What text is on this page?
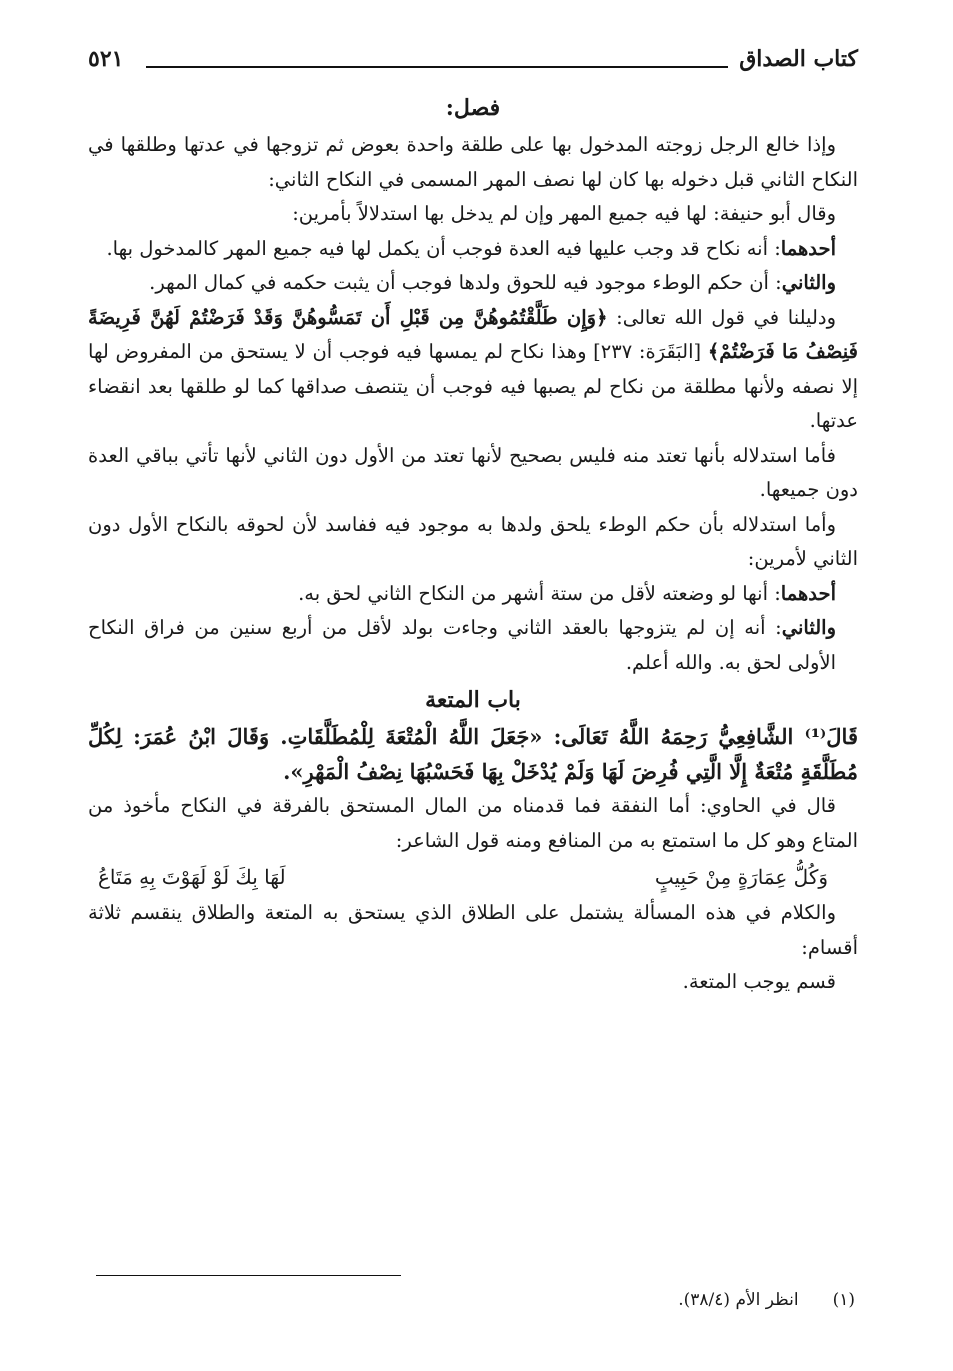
كتاب الصداق
٥٢١

فصل:

وإذا خالع الرجل زوجته المدخول بها على طلقة واحدة بعوض ثم تزوجها في عدتها وطلقها في النكاح الثاني قبل دخوله بها كان لها نصف المهر المسمى في النكاح الثاني:

وقال أبو حنيفة: لها فيه جميع المهر وإن لم يدخل بها استدلالاً بأمرين:

أحدهما: أنه نكاح قد وجب عليها فيه العدة فوجب أن يكمل لها فيه جميع المهر كالمدخول بها.

والثاني: أن حكم الوطء موجود فيه للحوق ولدها فوجب أن يثبت حكمه في كمال المهر.

ودليلنا في قول الله تعالى: ﴿وَإِن طَلَّقْتُمُوهُنَّ مِن قَبْلِ أَن تَمَسُّوهُنَّ وَقَدْ فَرَضْتُمْ لَهُنَّ فَرِيضَةً فَنِصْفُ مَا فَرَضْتُمْ﴾ [البَقَرَة: ٢٣٧] وهذا نكاح لم يمسها فيه فوجب أن لا يستحق من المفروض لها إلا نصفه ولأنها مطلقة من نكاح لم يصبها فيه فوجب أن يتنصف صداقها كما لو طلقها بعد انقضاء عدتها.

فأما استدلاله بأنها تعتد منه فليس بصحيح لأنها تعتد من الأول دون الثاني لأنها تأتي بباقي العدة دون جميعها.

وأما استدلاله بأن حكم الوطء يلحق ولدها به موجود فيه ففاسد لأن لحوقه بالنكاح الأول دون الثاني لأمرين:

أحدهما: أنها لو وضعته لأقل من ستة أشهر من النكاح الثاني لحق به.

والثاني: أنه إن لم يتزوجها بالعقد الثاني وجاءت بولد لأقل من أربع سنين من فراق النكاح الأولى لحق به. والله أعلم.

باب المتعة

قَالَ⁽¹⁾ الشَّافِعِيُّ رَحِمَهُ اللَّهُ تَعَالَى: «جَعَلَ اللَّهُ الْمُتْعَةَ لِلْمُطَلَّقَاتِ. وَقَالَ ابْنُ عُمَرَ: لِكُلِّ مُطَلَّقَةٍ مُتْعَةٌ إِلَّا الَّتِي فُرِضَ لَهَا وَلَمْ يُدْخَلْ بِهَا فَحَسْبُهَا نِصْفُ الْمَهْرِ».

قال في الحاوي: أما النفقة فما قدمناه من المال المستحق بالفرقة في النكاح مأخوذ من المتاع وهو كل ما استمتع به من المنافع ومنه قول الشاعر:

وَكُلُّ عِمَارَةٍ مِنْ حَبِيبٍ
لَهَا بِكَ لَوْ لَهَوْتَ بِهِ مَتَاعُ

والكلام في هذه المسألة يشتمل على الطلاق الذي يستحق به المتعة والطلاق ينقسم ثلاثة أقسام:

قسم يوجب المتعة.

(١)انظر الأم (٣٨/٤).
